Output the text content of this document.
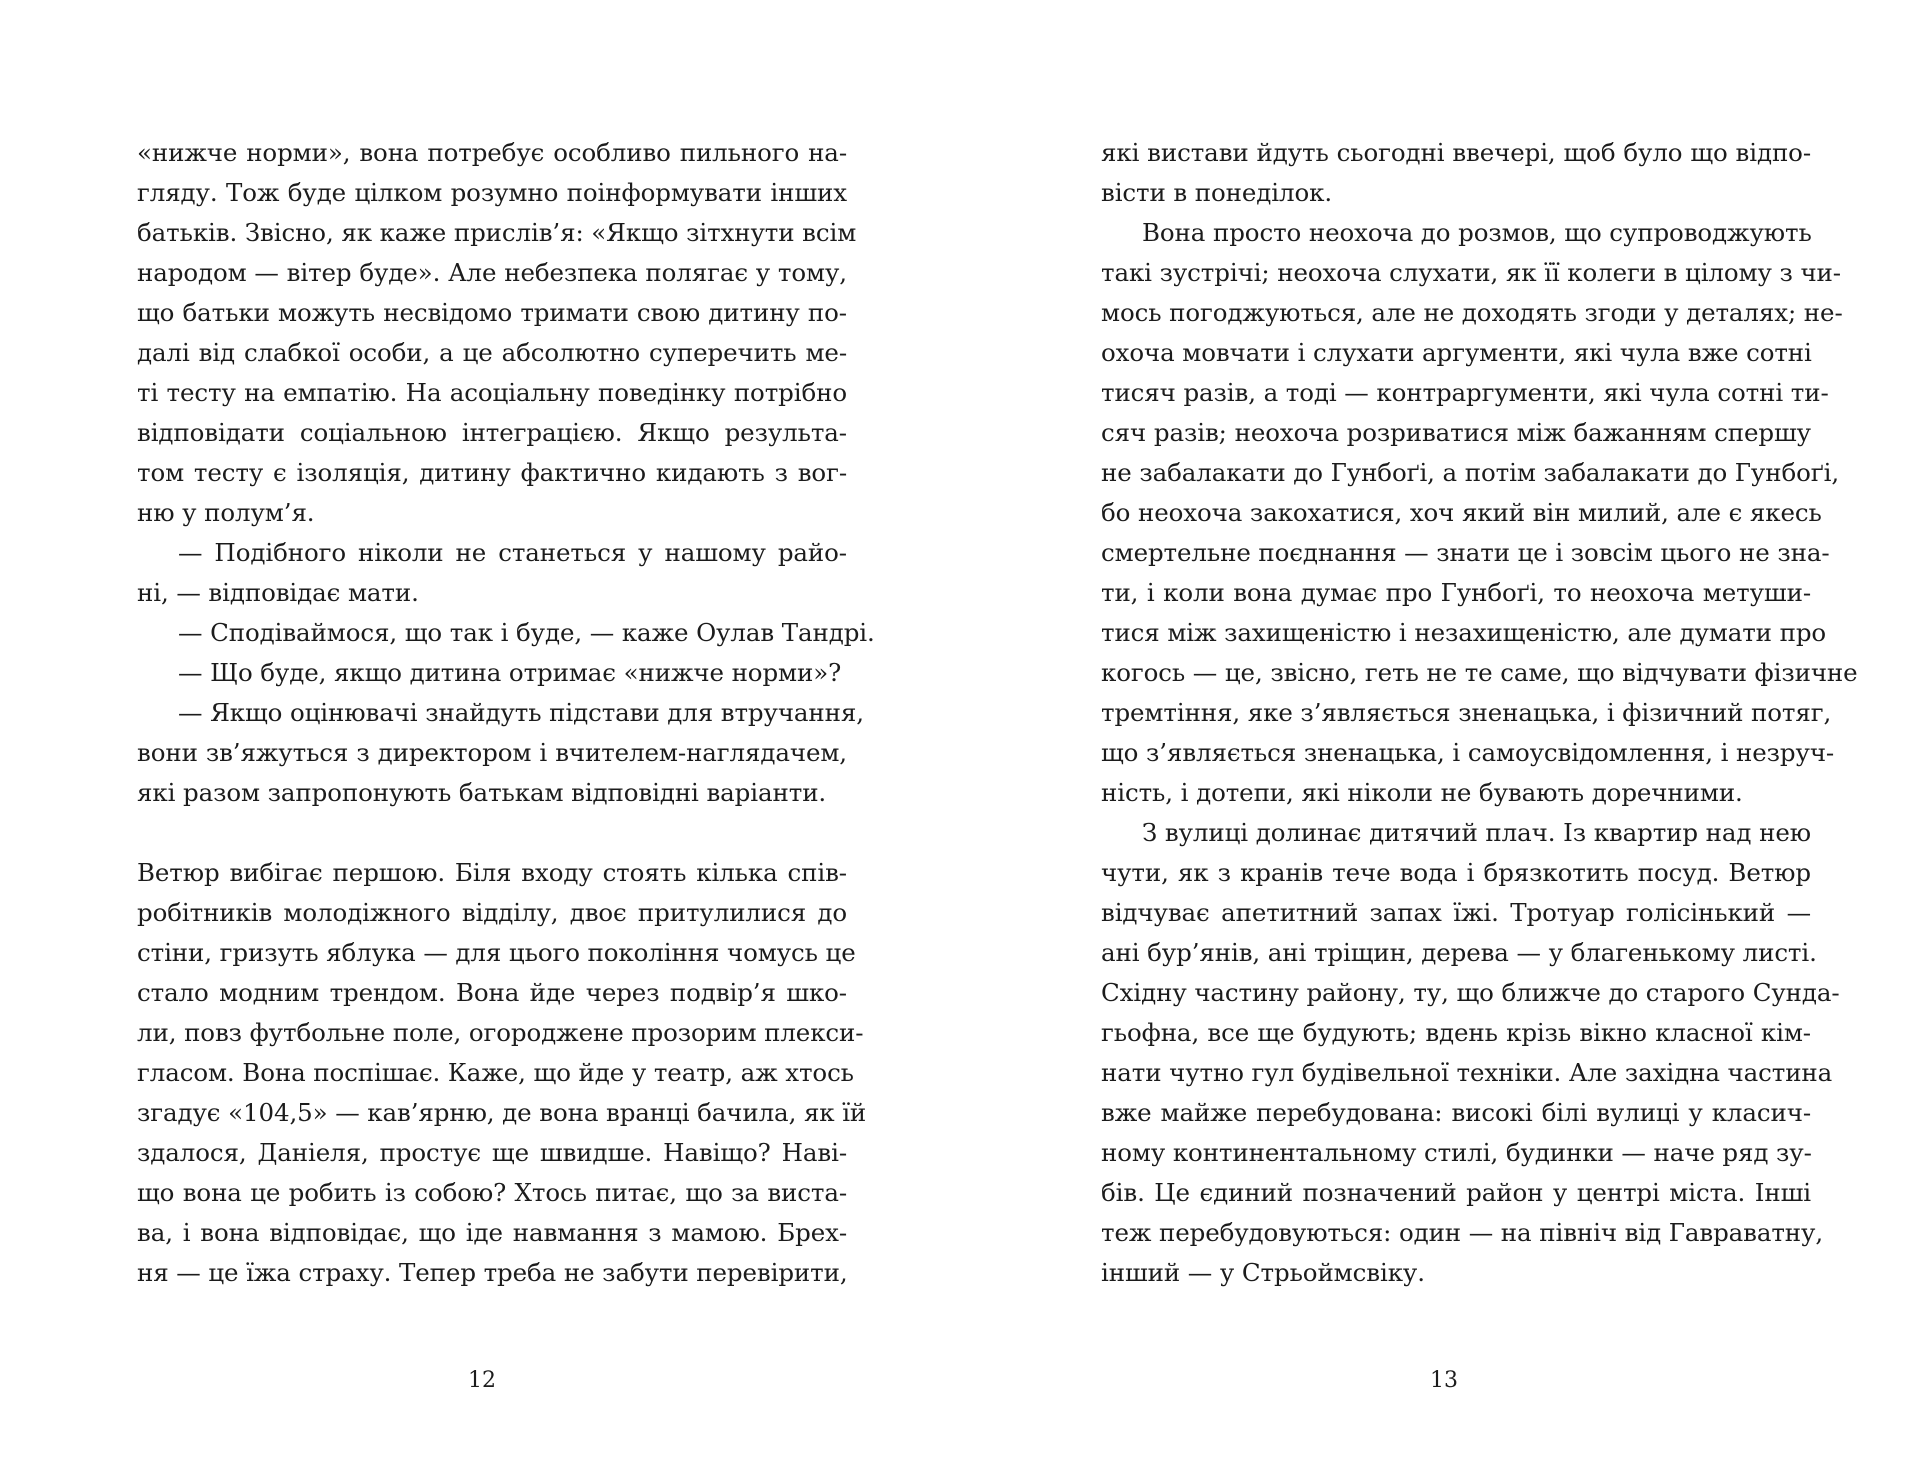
«нижче норми», вона потребує особливо пильного на-
гляду. Тож буде цілком розумно поінформувати інших
батьків. Звісно, як каже прислів’я: «Якщо зітхнути всім
народом — вітер буде». Але небезпека полягає у тому,
що батьки можуть несвідомо тримати свою дитину по-
далі від слабкої особи, а це абсолютно суперечить ме-
ті тесту на емпатію. На асоціальну поведінку потрібно
відповідати соціальною інтеграцією. Якщо результа-
том тесту є ізоляція, дитину фактично кидають з вог-
ню у полум’я.
— Подібного ніколи не станеться у нашому райо-
ні, — відповідає мати.
— Сподіваймося, що так і буде, — каже Оулав Тандрі.
— Що буде, якщо дитина отримає «нижче норми»?
— Якщо оцінювачі знайдуть підстави для втручання,
вони зв’яжуться з директором і вчителем-наглядачем,
які разом запропонують батькам відповідні варіанти.
Ветюр вибігає першою. Біля входу стоять кілька спів-
робітників молодіжного відділу, двоє притулилися до
стіни, гризуть яблука — для цього покоління чомусь це
стало модним трендом. Вона йде через подвір’я шко-
ли, повз футбольне поле, огороджене прозорим плекси-
гласом. Вона поспішає. Каже, що йде у театр, аж хтось
згадує «104,5» — кав’ярню, де вона вранці бачила, як їй
здалося, Даніеля, простує ще швидше. Навіщо? Наві-
що вона це робить із собою? Хтось питає, що за виста-
ва, і вона відповідає, що іде навмання з мамою. Брех-
ня — це їжа страху. Тепер треба не забути перевірити,
12
які вистави йдуть сьогодні ввечері, щоб було що відпо-
вісти в понеділок.
Вона просто неохоча до розмов, що супроводжують
такі зустрічі; неохоча слухати, як її колеги в цілому з чи-
мось погоджуються, але не доходять згоди у деталях; не-
охоча мовчати і слухати аргументи, які чула вже сотні
тисяч разів, а тоді — контраргументи, які чула сотні ти-
сяч разів; неохоча розриватися між бажанням спершу
не забалакати до Гунбоґі, а потім забалакати до Гунбоґі,
бо неохоча закохатися, хоч який він милий, але є якесь
смертельне поєднання — знати це і зовсім цього не зна-
ти, і коли вона думає про Гунбоґі, то неохоча метуши-
тися між захищеністю і незахищеністю, але думати про
когось — це, звісно, геть не те саме, що відчувати фізичне
тремтіння, яке з’являється зненацька, і фізичний потяг,
що з’являється зненацька, і самоусвідомлення, і незруч-
ність, і дотепи, які ніколи не бувають доречними.
З вулиці долинає дитячий плач. Із квартир над нею
чути, як з кранів тече вода і брязкотить посуд. Ветюр
відчуває апетитний запах їжі. Тротуар голісінький —
ані бур’янів, ані тріщин, дерева — у благенькому листі.
Східну частину району, ту, що ближче до старого Сунда-
гьофна, все ще будують; вдень крізь вікно класної кім-
нати чутно гул будівельної техніки. Але західна частина
вже майже перебудована: високі білі вулиці у класич-
ному континентальному стилі, будинки — наче ряд зу-
бів. Це єдиний позначений район у центрі міста. Інші
теж перебудовуються: один — на північ від Гавраватну,
інший — у Стрьоймсвіку.
13
